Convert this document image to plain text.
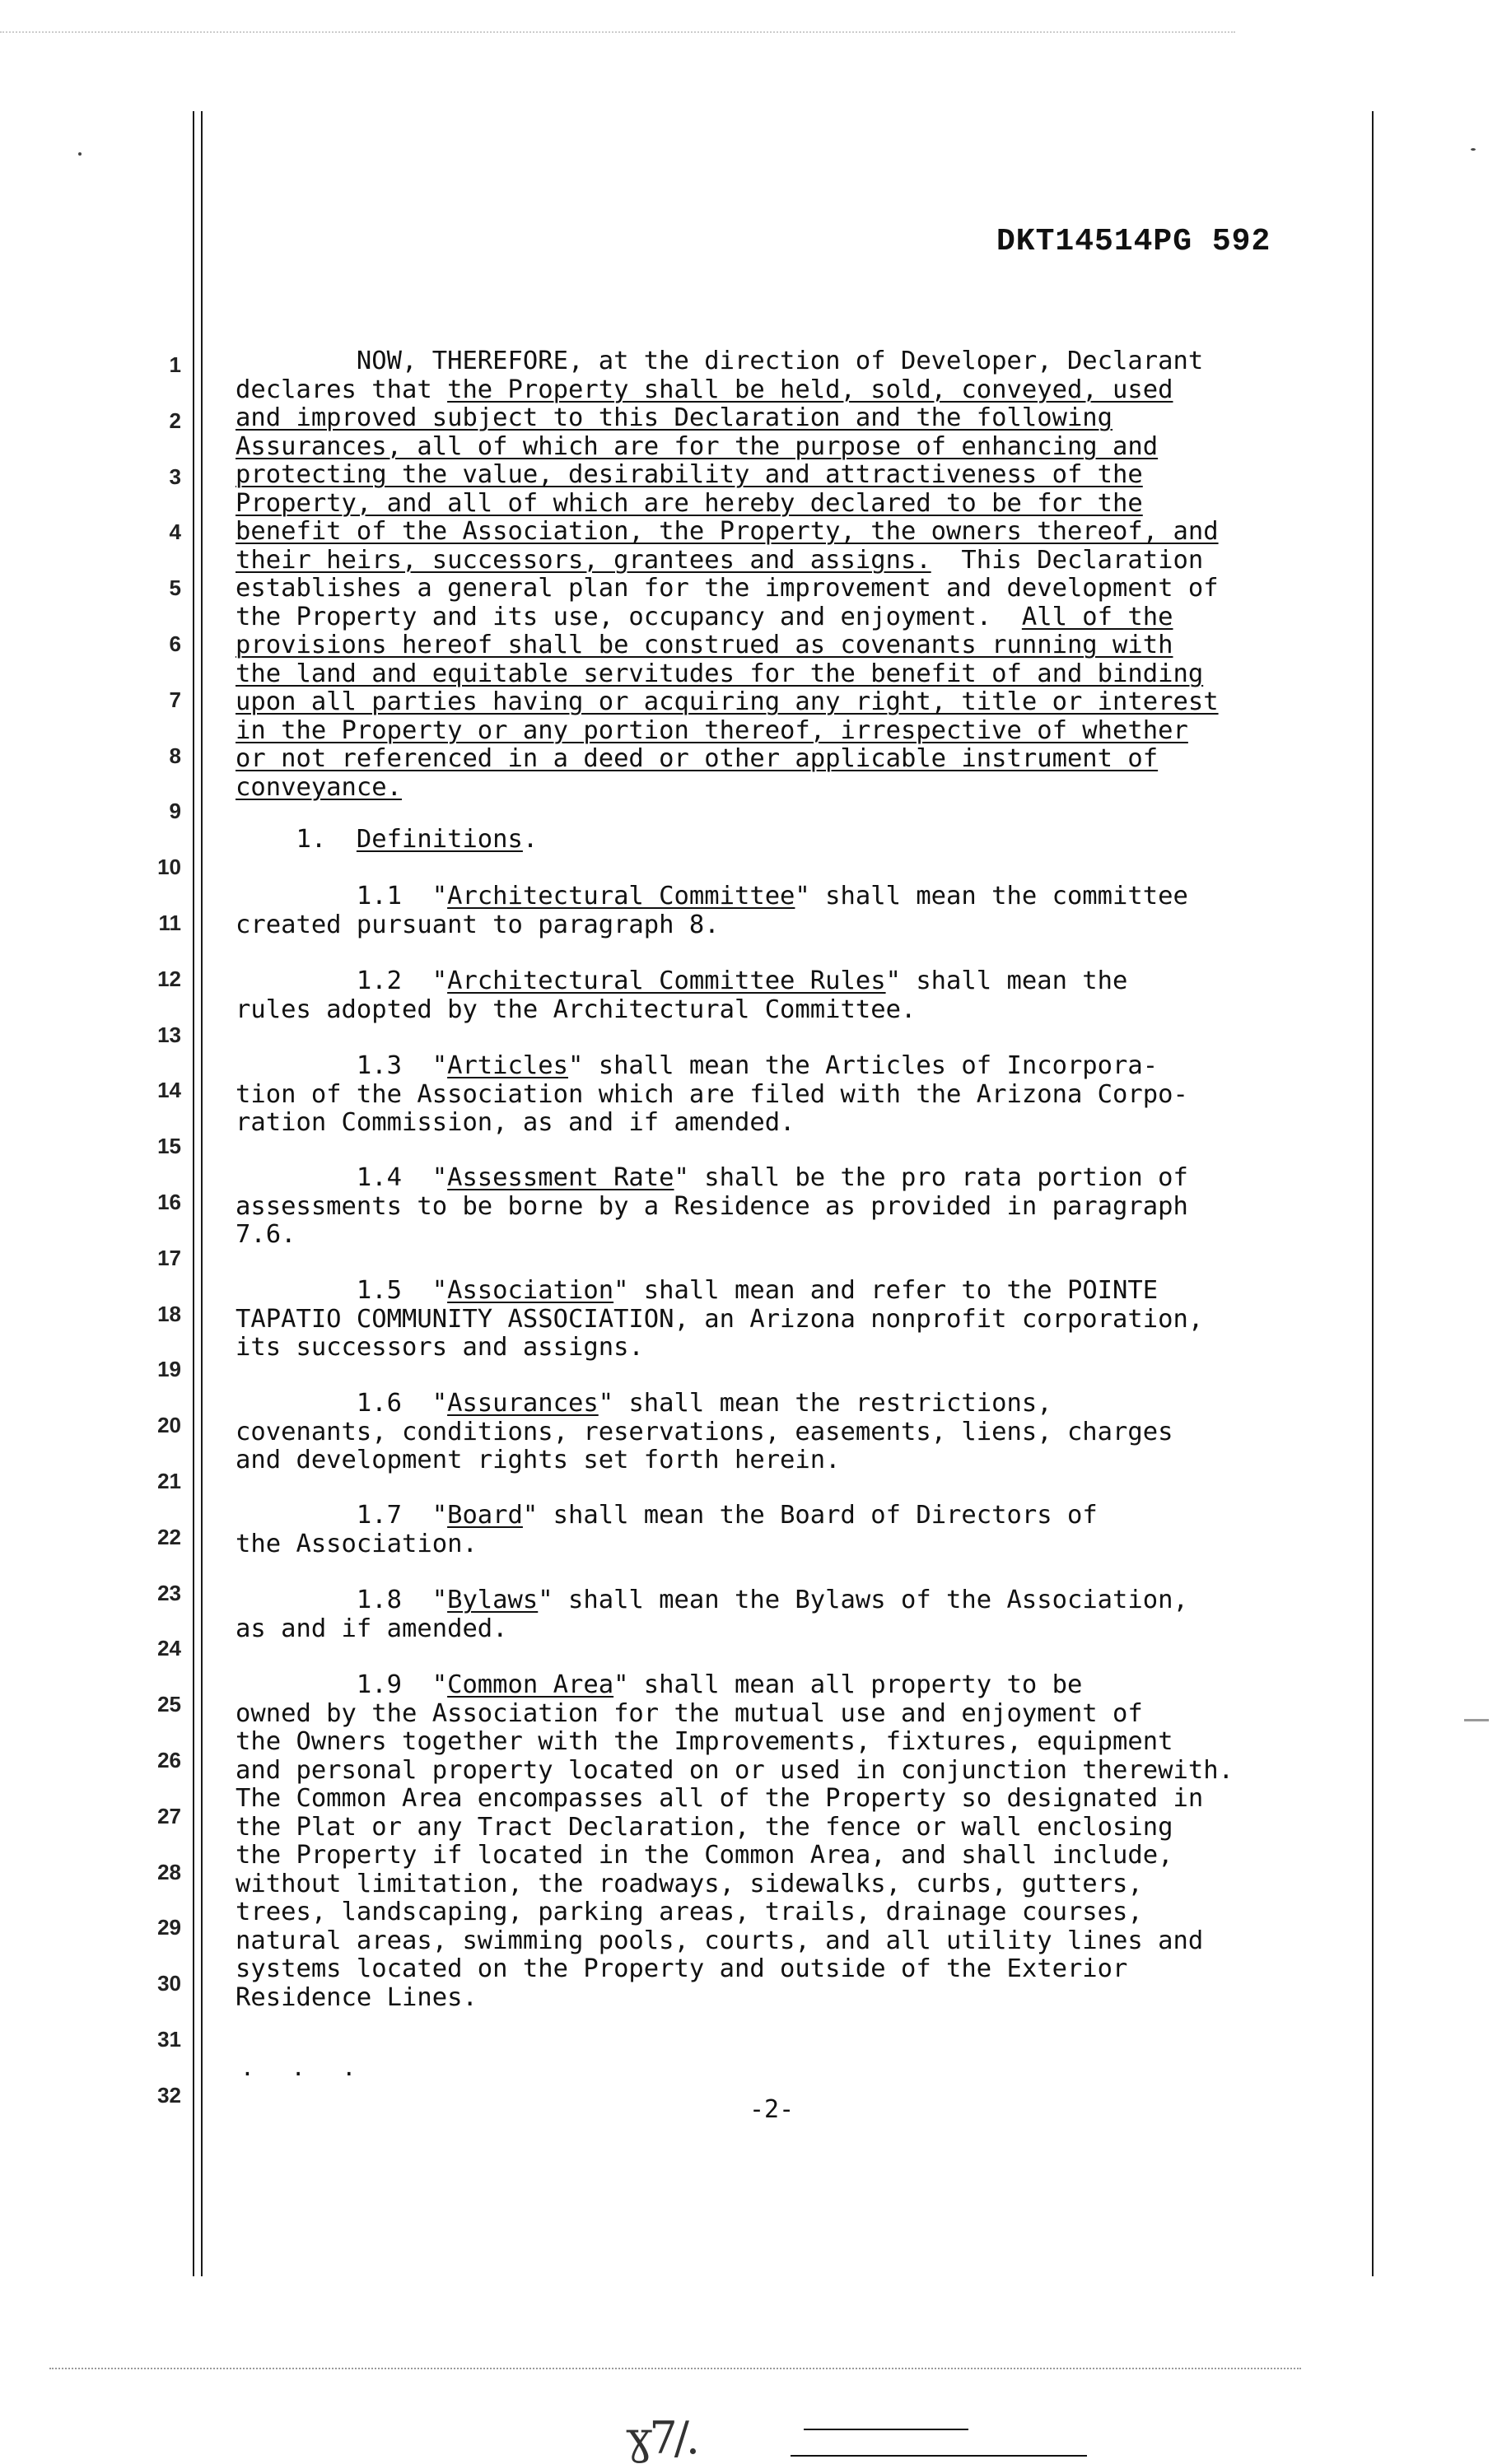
DKT14514PG 592
1
2
3
4
5
6
7
8
9
10
11
12
13
14
15
16
17
18
19
20
21
22
23
24
25
26
27
28
29
30
31
32
NOW, THEREFORE, at the direction of Developer, Declarant
declares that the Property shall be held, sold, conveyed, used
and improved subject to this Declaration and the following
Assurances, all of which are for the purpose of enhancing and
protecting the value, desirability and attractiveness of the
Property, and all of which are hereby declared to be for the
benefit of the Association, the Property, the owners thereof, and
their heirs, successors, grantees and assigns.  This Declaration
establishes a general plan for the improvement and development of
the Property and its use, occupancy and enjoyment.  All of the
provisions hereof shall be construed as covenants running with
the land and equitable servitudes for the benefit of and binding
upon all parties having or acquiring any right, title or interest
in the Property or any portion thereof, irrespective of whether
or not referenced in a deed or other applicable instrument of
conveyance.
1.  Definitions.
1.1  "Architectural Committee" shall mean the committee
created pursuant to paragraph 8.
1.2  "Architectural Committee Rules" shall mean the
rules adopted by the Architectural Committee.
1.3  "Articles" shall mean the Articles of Incorpora-
tion of the Association which are filed with the Arizona Corpo-
ration Commission, as and if amended.
1.4  "Assessment Rate" shall be the pro rata portion of
assessments to be borne by a Residence as provided in paragraph
7.6.
1.5  "Association" shall mean and refer to the POINTE
TAPATIO COMMUNITY ASSOCIATION, an Arizona nonprofit corporation,
its successors and assigns.
1.6  "Assurances" shall mean the restrictions,
covenants, conditions, reservations, easements, liens, charges
and development rights set forth herein.
1.7  "Board" shall mean the Board of Directors of
the Association.
1.8  "Bylaws" shall mean the Bylaws of the Association,
as and if amended.
1.9  "Common Area" shall mean all property to be
owned by the Association for the mutual use and enjoyment of
the Owners together with the Improvements, fixtures, equipment
and personal property located on or used in conjunction therewith.
The Common Area encompasses all of the Property so designated in
the Plat or any Tract Declaration, the fence or wall enclosing
the Property if located in the Common Area, and shall include,
without limitation, the roadways, sidewalks, curbs, gutters,
trees, landscaping, parking areas, trails, drainage courses,
natural areas, swimming pools, courts, and all utility lines and
systems located on the Property and outside of the Exterior
Residence Lines.
. . .
-2-
ɣ7/.
